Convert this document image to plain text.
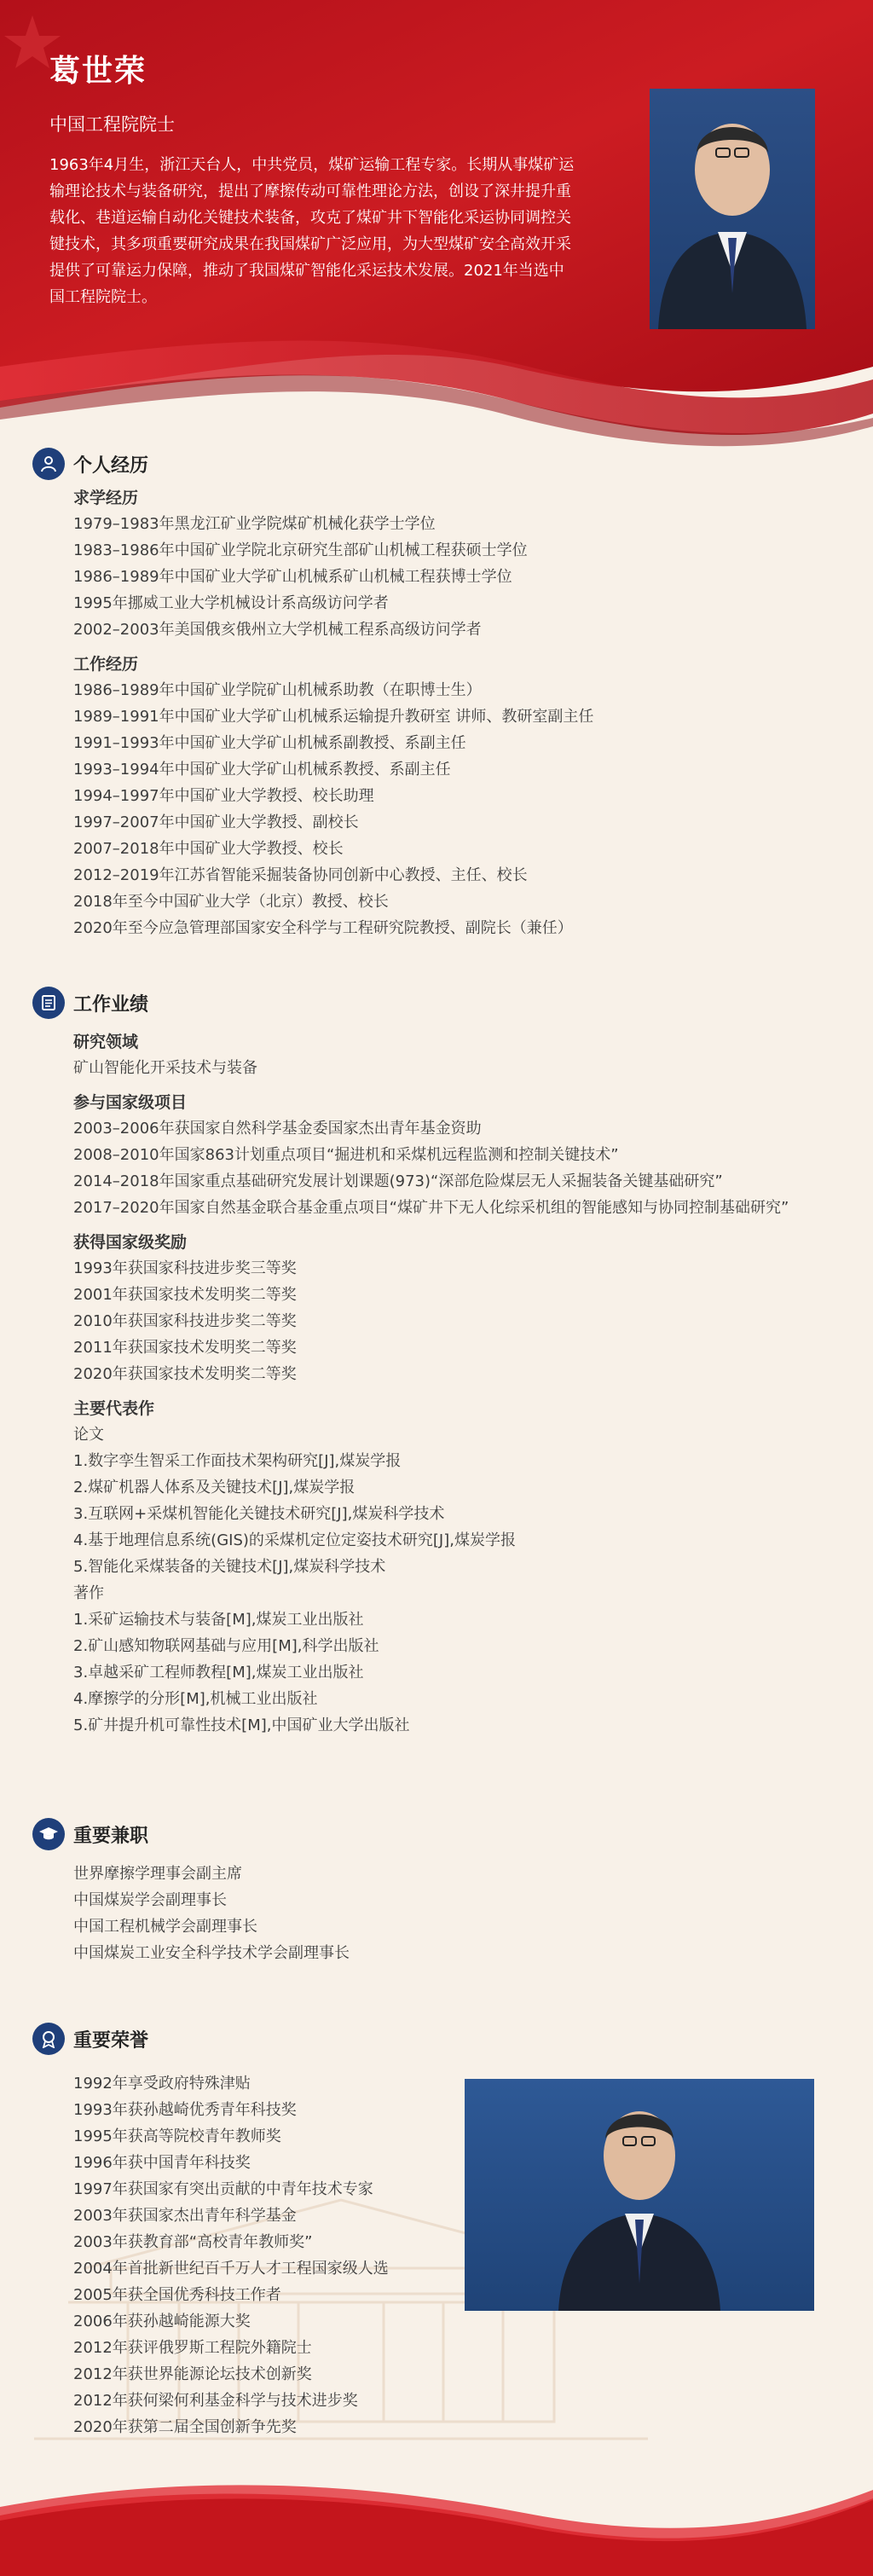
葛世荣
中国工程院院士
1963年4月生，浙江天台人，中共党员，煤矿运输工程专家。长期从事煤矿运输理论技术与装备研究，提出了摩擦传动可靠性理论方法，创设了深井提升重载化、巷道运输自动化关键技术装备，攻克了煤矿井下智能化采运协同调控关键技术，其多项重要研究成果在我国煤矿广泛应用，为大型煤矿安全高效开采提供了可靠运力保障，推动了我国煤矿智能化采运技术发展。2021年当选中国工程院院士。
个人经历
求学经历
1979–1983年黑龙江矿业学院煤矿机械化获学士学位
1983–1986年中国矿业学院北京研究生部矿山机械工程获硕士学位
1986–1989年中国矿业大学矿山机械系矿山机械工程获博士学位
1995年挪威工业大学机械设计系高级访问学者
2002–2003年美国俄亥俄州立大学机械工程系高级访问学者
工作经历
1986–1989年中国矿业学院矿山机械系助教（在职博士生）
1989–1991年中国矿业大学矿山机械系运输提升教研室 讲师、教研室副主任
1991–1993年中国矿业大学矿山机械系副教授、系副主任
1993–1994年中国矿业大学矿山机械系教授、系副主任
1994–1997年中国矿业大学教授、校长助理
1997–2007年中国矿业大学教授、副校长
2007–2018年中国矿业大学教授、校长
2012–2019年江苏省智能采掘装备协同创新中心教授、主任、校长
2018年至今中国矿业大学（北京）教授、校长
2020年至今应急管理部国家安全科学与工程研究院教授、副院长（兼任）
工作业绩
研究领域
矿山智能化开采技术与装备
参与国家级项目
2003–2006年获国家自然科学基金委国家杰出青年基金资助
2008–2010年国家863计划重点项目“掘进机和采煤机远程监测和控制关键技术”
2014–2018年国家重点基础研究发展计划课题(973)“深部危险煤层无人采掘装备关键基础研究”
2017–2020年国家自然基金联合基金重点项目“煤矿井下无人化综采机组的智能感知与协同控制基础研究”
获得国家级奖励
1993年获国家科技进步奖三等奖
2001年获国家技术发明奖二等奖
2010年获国家科技进步奖二等奖
2011年获国家技术发明奖二等奖
2020年获国家技术发明奖二等奖
主要代表作
论文
1.数字孪生智采工作面技术架构研究[J],煤炭学报
2.煤矿机器人体系及关键技术[J],煤炭学报
3.互联网+采煤机智能化关键技术研究[J],煤炭科学技术
4.基于地理信息系统(GIS)的采煤机定位定姿技术研究[J],煤炭学报
5.智能化采煤装备的关键技术[J],煤炭科学技术
著作
1.采矿运输技术与装备[M],煤炭工业出版社
2.矿山感知物联网基础与应用[M],科学出版社
3.卓越采矿工程师教程[M],煤炭工业出版社
4.摩擦学的分形[M],机械工业出版社
5.矿井提升机可靠性技术[M],中国矿业大学出版社
重要兼职
世界摩擦学理事会副主席
中国煤炭学会副理事长
中国工程机械学会副理事长
中国煤炭工业安全科学技术学会副理事长
重要荣誉
1992年享受政府特殊津贴
1993年获孙越崎优秀青年科技奖
1995年获高等院校青年教师奖
1996年获中国青年科技奖
1997年获国家有突出贡献的中青年技术专家
2003年获国家杰出青年科学基金
2003年获教育部“高校青年教师奖”
2004年首批新世纪百千万人才工程国家级人选
2005年获全国优秀科技工作者
2006年获孙越崎能源大奖
2012年获评俄罗斯工程院外籍院士
2012年获世界能源论坛技术创新奖
2012年获何梁何利基金科学与技术进步奖
2020年获第二届全国创新争先奖
